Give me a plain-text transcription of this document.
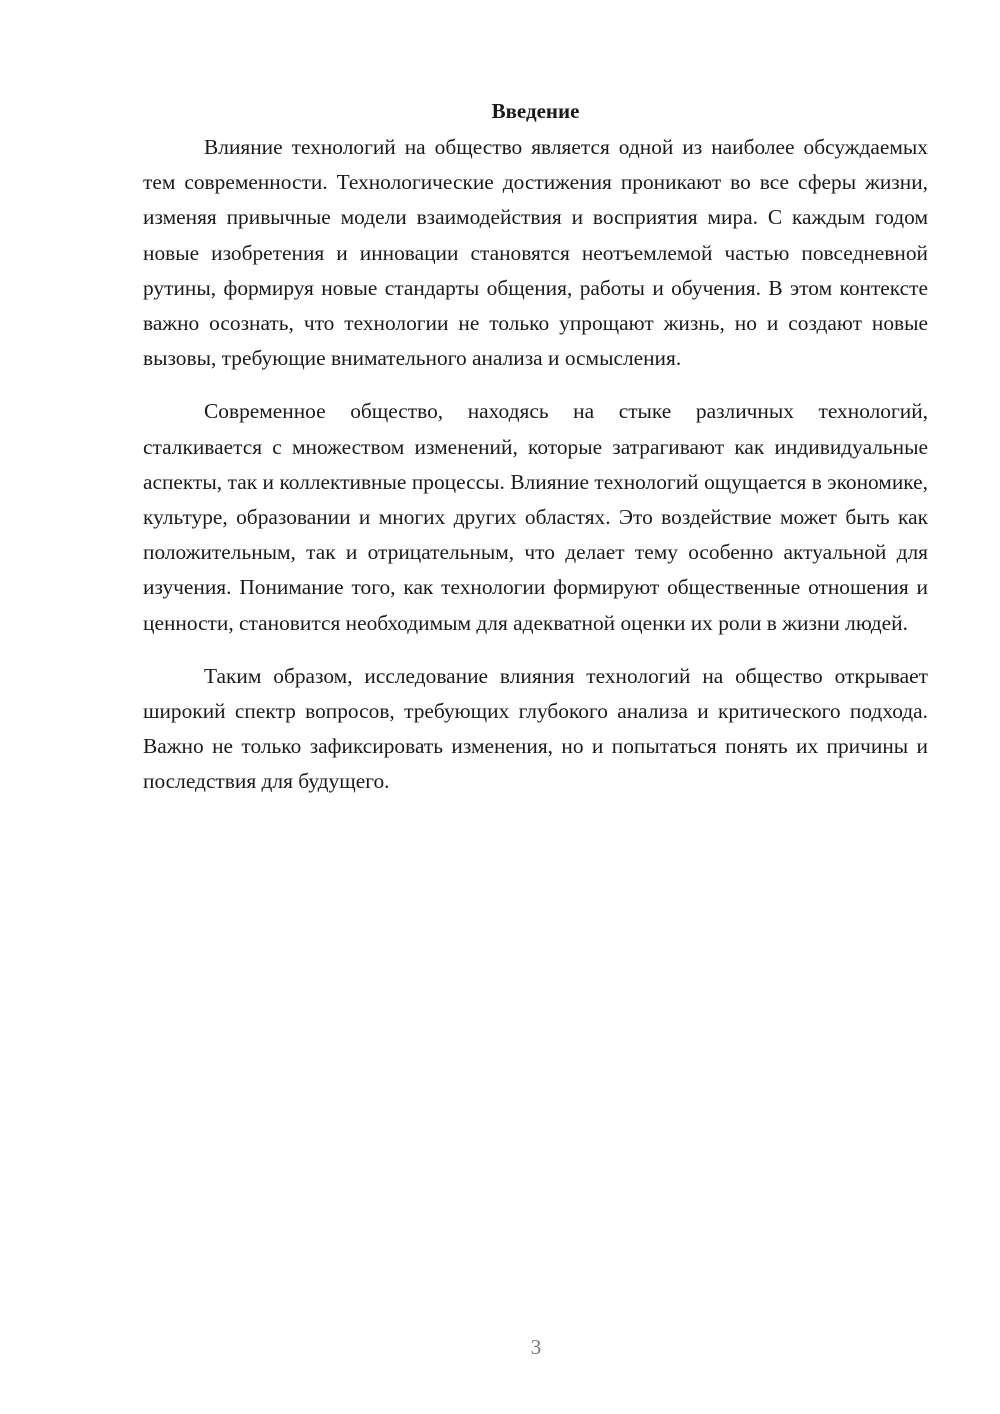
Введение

Влияние технологий на общество является одной из наиболее обсуждаемых тем современности. Технологические достижения проникают во все сферы жизни, изменяя привычные модели взаимодействия и восприятия мира. С каждым годом новые изобретения и инновации становятся неотъемлемой частью повседневной рутины, формируя новые стандарты общения, работы и обучения. В этом контексте важно осознать, что технологии не только упрощают жизнь, но и создают новые вызовы, требующие внимательного анализа и осмысления.

Современное общество, находясь на стыке различных технологий, сталкивается с множеством изменений, которые затрагивают как индивидуальные аспекты, так и коллективные процессы. Влияние технологий ощущается в экономике, культуре, образовании и многих других областях. Это воздействие может быть как положительным, так и отрицательным, что делает тему особенно актуальной для изучения. Понимание того, как технологии формируют общественные отношения и ценности, становится необходимым для адекватной оценки их роли в жизни людей.

Таким образом, исследование влияния технологий на общество открывает широкий спектр вопросов, требующих глубокого анализа и критического подхода. Важно не только зафиксировать изменения, но и попытаться понять их причины и последствия для будущего.

3
